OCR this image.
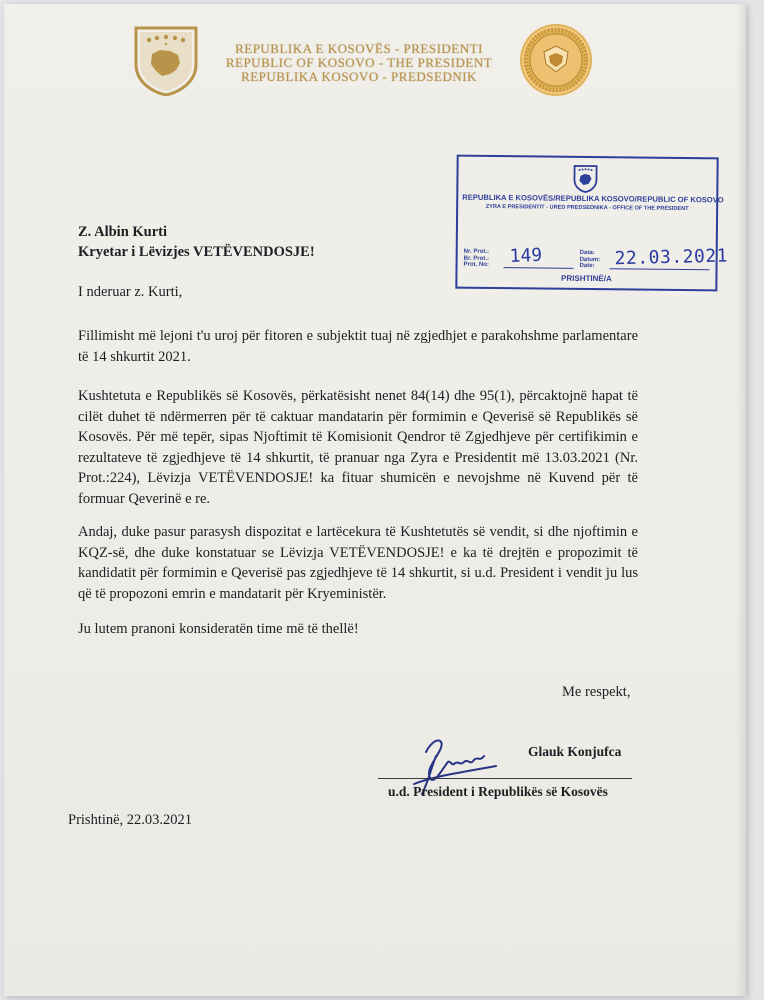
REPUBLIKA E KOSOVËS - PRESIDENTI
REPUBLIC OF KOSOVO - THE PRESIDENT
REPUBLIKA KOSOVO - PREDSEDNIK
REPUBLIKA E KOSOVËS/REPUBLIKA KOSOVO/REPUBLIC OF KOSOVO
ZYRA E PRESIDENTIT - URED PREDSEDNIKA - OFFICE OF THE PRESIDENT
Nr. Prot.:
Br. Prot.:
Prot. No: 149	Data:
Datum:
Date:	22.03.2021
PRISHTINË/A
Z. Albin Kurti
Kryetar i Lëvizjes VETËVENDOSJE!
I nderuar z. Kurti,
Fillimisht më lejoni t'u uroj për fitoren e subjektit tuaj në zgjedhjet e parakohshme parlamentare të 14 shkurtit 2021.
Kushtetuta e Republikës së Kosovës, përkatësisht nenet 84(14) dhe 95(1), përcaktojnë hapat të cilët duhet të ndërmerren për të caktuar mandatarin për formimin e Qeverisë së Republikës së Kosovës. Për më tepër, sipas Njoftimit të Komisionit Qendror të Zgjedhjeve për certifikimin e rezultateve të zgjedhjeve të 14 shkurtit, të pranuar nga Zyra e Presidentit më 13.03.2021 (Nr. Prot.:224), Lëvizja VETËVENDOSJE! ka fituar shumicën e nevojshme në Kuvend për të formuar Qeverinë e re.
Andaj, duke pasur parasysh dispozitat e lartëcekura të Kushtetutës së vendit, si dhe njoftimin e KQZ-së, dhe duke konstatuar se Lëvizja VETËVENDOSJE! e ka të drejtën e propozimit të kandidatit për formimin e Qeverisë pas zgjedhjeve të 14 shkurtit, si u.d. President i vendit ju lus që të propozoni emrin e mandatarit për Kryeministër.
Ju lutem pranoni konsideratën time më të thellë!
Me respekt,
Glauk Konjufca
u.d. President i Republikës së Kosovës
Prishtinë, 22.03.2021
